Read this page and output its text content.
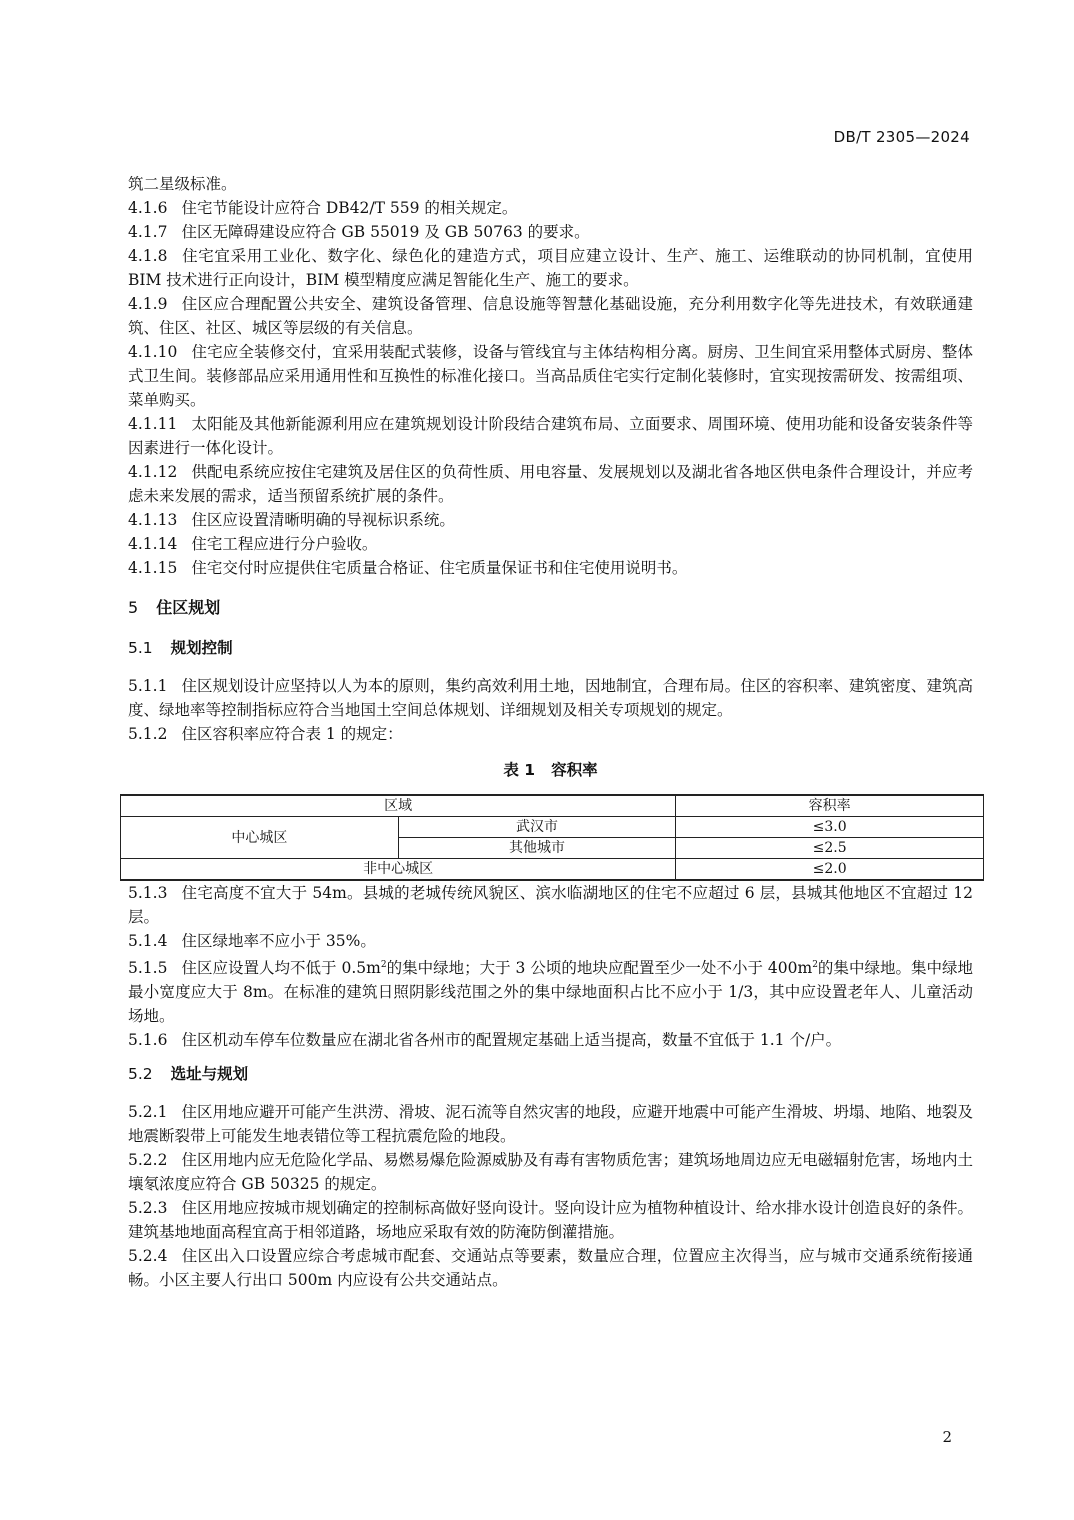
DB/T 2305—2024

筑二星级标准。

4.1.6 住宅节能设计应符合 DB42/T 559 的相关规定。

4.1.7 住区无障碍建设应符合 GB 55019 及 GB 50763 的要求。

4.1.8 住宅宜采用工业化、数字化、绿色化的建造方式，项目应建立设计、生产、施工、运维联动的协同机制，宜使用 BIM 技术进行正向设计，BIM 模型精度应满足智能化生产、施工的要求。

4.1.9 住区应合理配置公共安全、建筑设备管理、信息设施等智慧化基础设施，充分利用数字化等先进技术，有效联通建筑、住区、社区、城区等层级的有关信息。

4.1.10 住宅应全装修交付，宜采用装配式装修，设备与管线宜与主体结构相分离。厨房、卫生间宜采用整体式厨房、整体式卫生间。装修部品应采用通用性和互换性的标准化接口。当高品质住宅实行定制化装修时，宜实现按需研发、按需组项、菜单购买。

4.1.11 太阳能及其他新能源利用应在建筑规划设计阶段结合建筑布局、立面要求、周围环境、使用功能和设备安装条件等因素进行一体化设计。

4.1.12 供配电系统应按住宅建筑及居住区的负荷性质、用电容量、发展规划以及湖北省各地区供电条件合理设计，并应考虑未来发展的需求，适当预留系统扩展的条件。

4.1.13 住区应设置清晰明确的导视标识系统。

4.1.14 住宅工程应进行分户验收。

4.1.15 住宅交付时应提供住宅质量合格证、住宅质量保证书和住宅使用说明书。

5 住区规划
5.1 规划控制

5.1.1 住区规划设计应坚持以人为本的原则，集约高效利用土地，因地制宜，合理布局。住区的容积率、建筑密度、建筑高度、绿地率等控制指标应符合当地国土空间总体规划、详细规划及相关专项规划的规定。

5.1.2 住区容积率应符合表 1 的规定：

表 1 容积率
区域		容积率
中心城区	武汉市	≤3.0
	其他城市	≤2.5
非中心城区		≤2.0

5.1.3 住宅高度不宜大于 54m。县城的老城传统风貌区、滨水临湖地区的住宅不应超过 6 层，县城其他地区不宜超过 12 层。

5.1.4 住区绿地率不应小于 35%。

5.1.5 住区应设置人均不低于 $0.5m^2$的集中绿地；大于 3 公顷的地块应配置至少一处不小于 $400m^2$的集中绿地。集中绿地最小宽度应大于 8m。在标准的建筑日照阴影线范围之外的集中绿地面积占比不应小于 1/3，其中应设置老年人、儿童活动场地。

5.1.6 住区机动车停车位数量应在湖北省各州市的配置规定基础上适当提高，数量不宜低于 1.1 个/户。

5.2 选址与规划

5.2.1 住区用地应避开可能产生洪涝、滑坡、泥石流等自然灾害的地段，应避开地震中可能产生滑坡、坍塌、地陷、地裂及地震断裂带上可能发生地表错位等工程抗震危险的地段。

5.2.2 住区用地内应无危险化学品、易燃易爆危险源威胁及有毒有害物质危害；建筑场地周边应无电磁辐射危害，场地内土壤氡浓度应符合 GB 50325 的规定。

5.2.3 住区用地应按城市规划确定的控制标高做好竖向设计。竖向设计应为植物种植设计、给水排水设计创造良好的条件。建筑基地地面高程宜高于相邻道路，场地应采取有效的防淹防倒灌措施。

5.2.4 住区出入口设置应综合考虑城市配套、交通站点等要素，数量应合理，位置应主次得当，应与城市交通系统衔接通畅。小区主要人行出口 500m 内应设有公共交通站点。

2
